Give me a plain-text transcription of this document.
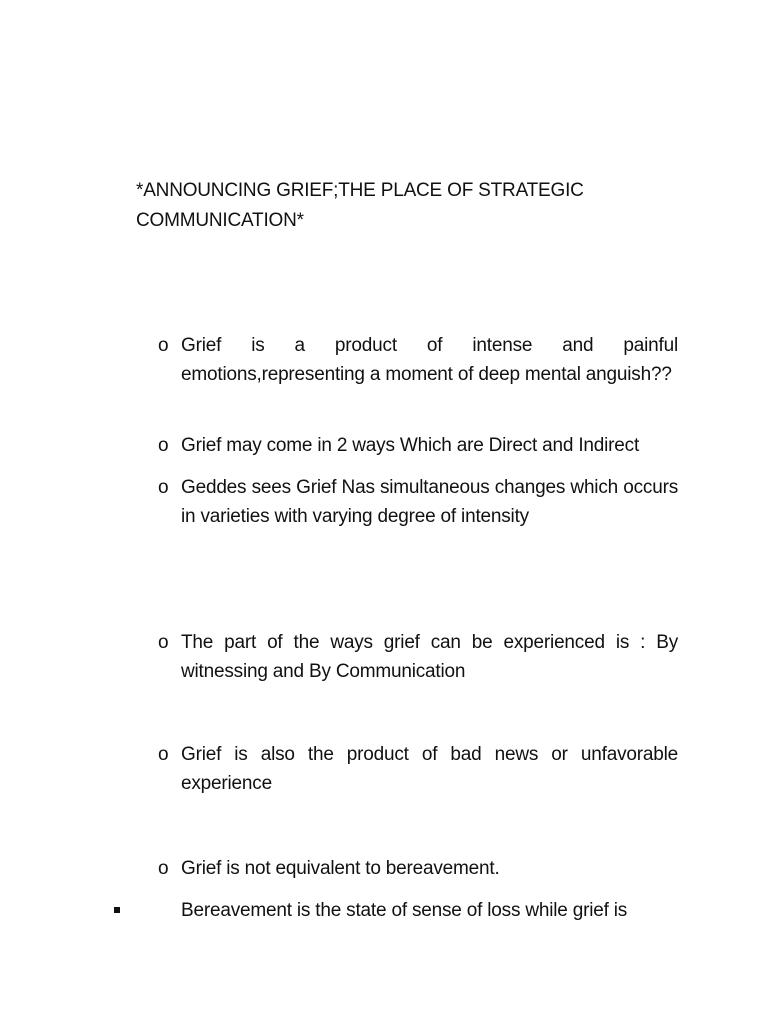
*ANNOUNCING GRIEF;THE PLACE OF STRATEGIC
COMMUNICATION*
o Grief is a product of intense and painful emotions,representing a moment of deep mental anguish??
o Grief may come in 2 ways Which are Direct and Indirect
o Geddes sees Grief Nas simultaneous changes which occurs in varieties with varying degree of intensity
o The part of the ways grief can be experienced is : By witnessing and By Communication
o Grief is also the product of bad news or unfavorable experience
o Grief is not equivalent to bereavement.
Bereavement is the state of sense of loss while grief is
